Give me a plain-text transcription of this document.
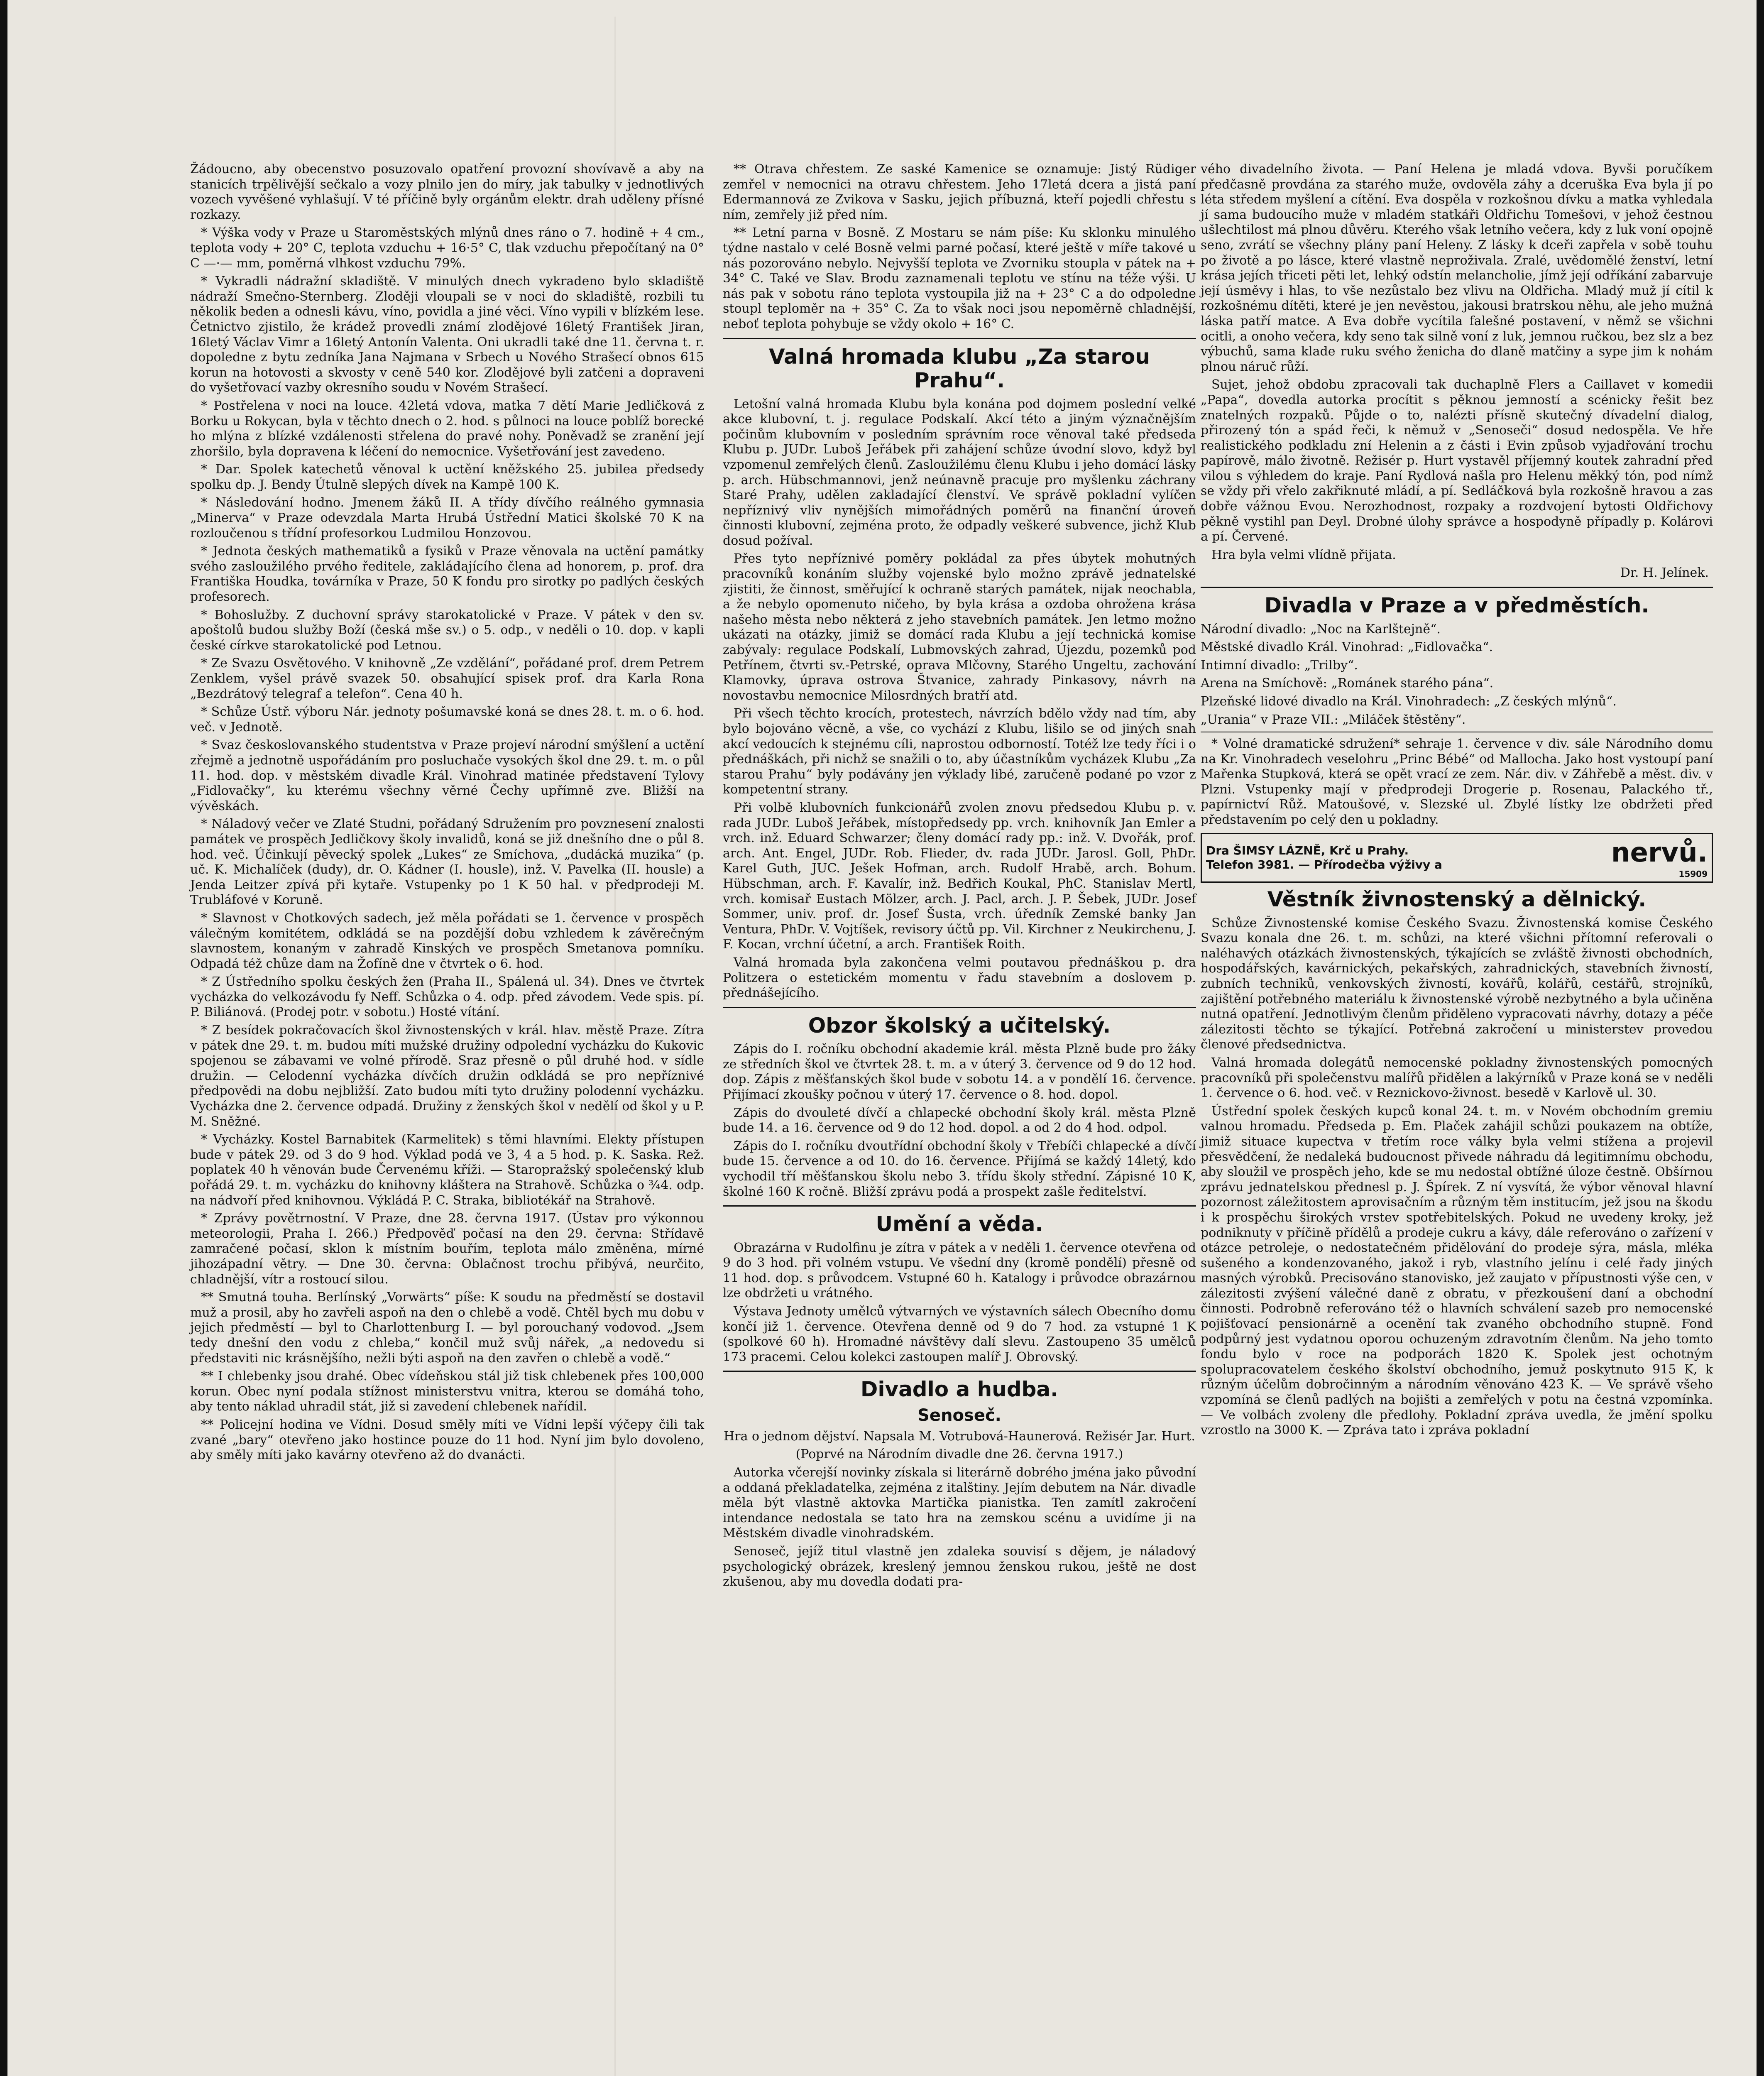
Žádoucno, aby obecenstvo posuzovalo opatření provozní shovívavě a aby na stanicích trpělivější sečkalo a vozy plnilo jen do míry, jak tabulky v jednotlivých vozech vyvěšené vyhlašují. V té příčině byly orgánům elektr. drah uděleny přísné rozkazy.

* Výška vody v Praze u Staroměstských mlýnů dnes ráno o 7. hodině + 4 cm., teplota vody + 20° C, teplota vzduchu + 16·5° C, tlak vzduchu přepočítaný na 0° C —·— mm, poměrná vlhkost vzduchu 79%.

* Vykradli nádražní skladiště. V minulých dnech vykradeno bylo skladiště nádraží Smečno-Sternberg. Zloději vloupali se v noci do skladiště, rozbili tu několik beden a odnesli kávu, víno, povidla a jiné věci. Víno vypili v blízkém lese. Četnictvo zjistilo, že krádež provedli známí zlodějové 16letý František Jiran, 16letý Václav Vimr a 16letý Antonín Valenta. Oni ukradli také dne 11. června t. r. dopoledne z bytu zedníka Jana Najmana v Srbech u Nového Strašecí obnos 615 korun na hotovosti a skvosty v ceně 540 kor. Zlodějové byli zatčeni a dopraveni do vyšetřovací vazby okresního soudu v Novém Strašecí.

* Postřelena v noci na louce. 42letá vdova, matka 7 dětí Marie Jedličková z Borku u Rokycan, byla v těchto dnech o 2. hod. s půlnoci na louce poblíž borecké ho mlýna z blízké vzdálenosti střelena do pravé nohy. Poněvadž se zranění její zhoršilo, byla dopravena k léčení do nemocnice. Vyšetřování jest zavedeno.

* Dar. Spolek katechetů věnoval k uctění kněžského 25. jubilea předsedy spolku dp. J. Bendy Útulně slepých dívek na Kampě 100 K.

* Následování hodno. Jmenem žáků II. A třídy dívčího reálného gymnasia „Minerva“ v Praze odevzdala Marta Hrubá Ústřední Matici školské 70 K na rozloučenou s třídní profesorkou Ludmilou Honzovou.

* Jednota českých mathematiků a fysiků v Praze věnovala na uctění památky svého zasloužilého prvého ředitele, zakládajícího člena ad honorem, p. prof. dra Františka Houdka, továrníka v Praze, 50 K fondu pro sirotky po padlých českých profesorech.

* Bohoslužby. Z duchovní správy starokatolické v Praze. V pátek v den sv. apoštolů budou služby Boží (česká mše sv.) o 5. odp., v neděli o 10. dop. v kapli české církve starokatolické pod Letnou.

* Ze Svazu Osvětového. V knihovně „Ze vzdělání“, pořádané prof. drem Petrem Zenklem, vyšel právě svazek 50. obsahující spisek prof. dra Karla Rona „Bezdrátový telegraf a telefon“. Cena 40 h.

* Schůze Ústř. výboru Nár. jednoty pošumavské koná se dnes 28. t. m. o 6. hod. več. v Jednotě.

* Svaz českoslovanského studentstva v Praze projeví národní smýšlení a uctění zřejmě a jednotně uspořádáním pro posluchače vysokých škol dne 29. t. m. o půl 11. hod. dop. v městském divadle Král. Vinohrad matinée představení Tylovy „Fidlovačky“, ku kterému všechny věrné Čechy upřímně zve. Bližší na vývěskách.

* Náladový večer ve Zlaté Studni, pořádaný Sdružením pro povznesení znalosti památek ve prospěch Jedličkovy školy invalidů, koná se již dnešního dne o půl 8. hod. več. Účinkují pěvecký spolek „Lukes“ ze Smíchova, „dudácká muzika“ (p. uč. K. Michalíček (dudy), dr. O. Kádner (I. housle), inž. V. Pavelka (II. housle) a Jenda Leitzer zpívá při kytaře. Vstupenky po 1 K 50 hal. v předprodeji M. Trubláfové v Koruně.

* Slavnost v Chotkových sadech, jež měla pořádati se 1. července v prospěch válečným komitétem, odkládá se na pozdější dobu vzhledem k závěrečným slavnostem, konaným v zahradě Kinských ve prospěch Smetanova pomníku. Odpadá též chůze dam na Žofíně dne v čtvrtek o 6. hod.

* Z Ústředního spolku českých žen (Praha II., Spálená ul. 34). Dnes ve čtvrtek vycházka do velkozávodu fy Neff. Schůzka o 4. odp. před závodem. Vede spis. pí. P. Biliánová. (Prodej potr. v sobotu.) Hosté vítání.

* Z besídek pokračovacích škol živnostenských v král. hlav. městě Praze. Zítra v pátek dne 29. t. m. budou míti mužské družiny odpolední vycházku do Kukovic spojenou se zábavami ve volné přírodě. Sraz přesně o půl druhé hod. v sídle družin. — Celodenní vycházka dívčích družin odkládá se pro nepříznivé předpovědi na dobu nejbližší. Zato budou míti tyto družiny polodenní vycházku. Vycházka dne 2. července odpadá. Družiny z ženských škol v nedělí od škol y u P. M. Sněžné.

* Vycházky. Kostel Barnabitek (Karmelitek) s těmi hlavními. Elekty přístupen bude v pátek 29. od 3 do 9 hod. Výklad podá ve 3, 4 a 5 hod. p. K. Saska. Rež. poplatek 40 h věnován bude Červenému kříži. — Staropražský společenský klub pořádá 29. t. m. vycházku do knihovny kláštera na Strahově. Schůzka o ¾4. odp. na nádvoří před knihovnou. Výkládá P. C. Straka, bibliotékář na Strahově.

* Zprávy povětrnostní. V Praze, dne 28. června 1917. (Ústav pro výkonnou meteorologii, Praha I. 266.) Předpověď počasí na den 29. června: Střídavě zamračené počasí, sklon k místním bouřím, teplota málo změněna, mírné jihozápadní větry. — Dne 30. června: Oblačnost trochu přibývá, neurčito, chladnější, vítr a rostoucí silou.

** Smutná touha. Berlínský „Vorwärts“ píše: K soudu na předměstí se dostavil muž a prosil, aby ho zavřeli aspoň na den o chlebě a vodě. Chtěl bych mu dobu v jejich předměstí — byl to Charlottenburg I. — byl porouchaný vodovod. „Jsem tedy dnešní den vodu z chleba,“ končil muž svůj nářek, „a nedovedu si představiti nic krásnějšího, nežli býti aspoň na den zavřen o chlebě a vodě.“

** I chlebenky jsou drahé. Obec vídeňskou stál již tisk chlebenek přes 100,000 korun. Obec nyní podala stížnost ministerstvu vnitra, kterou se domáhá toho, aby tento náklad uhradil stát, již si zavedení chlebenek nařídil.

** Policejní hodina ve Vídni. Dosud směly míti ve Vídni lepší výčepy čili tak zvané „bary“ otevřeno jako hostince pouze do 11 hod. Nyní jim bylo dovoleno, aby směly míti jako kavárny otevřeno až do dvanácti.

** Otrava chřestem. Ze saské Kamenice se oznamuje: Jistý Rüdiger zemřel v nemocnici na otravu chřestem. Jeho 17letá dcera a jistá paní Edermannová ze Zvikova v Sasku, jejich příbuzná, kteří pojedli chřestu s ním, zemřely již před ním.

** Letní parna v Bosně. Z Mostaru se nám píše: Ku sklonku minulého týdne nastalo v celé Bosně velmi parné počasí, které ještě v míře takové u nás pozorováno nebylo. Nejvyšší teplota ve Zvorniku stoupla v pátek na + 34° C. Také ve Slav. Brodu zaznamenali teplotu ve stínu na téže výši. U nás pak v sobotu ráno teplota vystoupila již na + 23° C a do odpoledne stoupl teploměr na + 35° C. Za to však noci jsou nepoměrně chladnější, neboť teplota pohybuje se vždy okolo + 16° C.

Valná hromada klubu „Za starou Prahu“.

Letošní valná hromada Klubu byla konána pod dojmem poslední velké akce klubovní, t. j. regulace Podskalí. Akcí této a jiným význačnějším počinům klubovním v posledním správním roce věnoval také předseda Klubu p. JUDr. Luboš Jeřábek při zahájení schůze úvodní slovo, když byl vzpomenul zemřelých členů. Zasloužilému členu Klubu i jeho domácí lásky p. arch. Hübschmannovi, jenž neúnavně pracuje pro myšlenku záchrany Staré Prahy, udělen zakladající členství. Ve správě pokladní vylíčen nepříznivý vliv nynějších mimořádných poměrů na finanční úroveň činnosti klubovní, zejména proto, že odpadly veškeré subvence, jichž Klub dosud požíval.

Přes tyto nepříznivé poměry pokládal za přes úbytek mohutných pracovníků konáním služby vojenské bylo možno zprávě jednatelské zjistiti, že činnost, směřující k ochraně starých památek, nijak neochabla, a že nebylo opomenuto ničeho, by byla krása a ozdoba ohrožena krása našeho města nebo některá z jeho stavebních památek. Jen letmo možno ukázati na otázky, jimiž se domácí rada Klubu a její technická komise zabývaly: regulace Podskalí, Lubmovských zahrad, Újezdu, pozemků pod Petřínem, čtvrti sv.-Petrské, oprava Mlčovny, Starého Ungeltu, zachování Klamovky, úprava ostrova Štvanice, zahrady Pinkasovy, návrh na novostavbu nemocnice Milosrdných bratří atd.

Při všech těchto krocích, protestech, návrzích bdělo vždy nad tím, aby bylo bojováno věcně, a vše, co vychází z Klubu, lišilo se od jiných snah akcí vedoucích k stejnému cíli, naprostou odborností. Totéž lze tedy říci i o přednáškách, při nichž se snažili o to, aby účastníkům vycházek Klubu „Za starou Prahu“ byly podávány jen výklady libé, zaručeně podané po vzor z kompetentní strany.

Při volbě klubovních funkcionářů zvolen znovu předsedou Klubu p. v. rada JUDr. Luboš Jeřábek, místopředsedy pp. vrch. knihovník Jan Emler a vrch. inž. Eduard Schwarzer; členy domácí rady pp.: inž. V. Dvořák, prof. arch. Ant. Engel, JUDr. Rob. Flieder, dv. rada JUDr. Jarosl. Goll, PhDr. Karel Guth, JUC. Ješek Hofman, arch. Rudolf Hrabě, arch. Bohum. Hübschman, arch. F. Kavalír, inž. Bedřich Koukal, PhC. Stanislav Mertl, vrch. komisař Eustach Mölzer, arch. J. Pacl, arch. J. P. Šebek, JUDr. Josef Sommer, univ. prof. dr. Josef Šusta, vrch. úředník Zemské banky Jan Ventura, PhDr. V. Vojtíšek, revisory účtů pp. Vil. Kirchner z Neukirchenu, J. F. Kocan, vrchní účetní, a arch. František Roith.

Valná hromada byla zakončena velmi poutavou přednáškou p. dra Politzera o estetickém momentu v řadu stavebním a doslovem p. přednášejícího.

Obzor školský a učitelský.

Zápis do I. ročníku obchodní akademie král. města Plzně bude pro žáky ze středních škol ve čtvrtek 28. t. m. a v úterý 3. července od 9 do 12 hod. dop. Zápis z měšťanských škol bude v sobotu 14. a v pondělí 16. července. Přijímací zkoušky počnou v úterý 17. července o 8. hod. dopol.

Zápis do dvouleté dívčí a chlapecké obchodní školy král. města Plzně bude 14. a 16. července od 9 do 12 hod. dopol. a od 2 do 4 hod. odpol.

Zápis do I. ročníku dvoutřídní obchodní školy v Třebíči chlapecké a dívčí bude 15. července a od 10. do 16. července. Přijímá se každý 14letý, kdo vychodil tří měšťanskou školu nebo 3. třídu školy střední. Zápisné 10 K, školné 160 K ročně. Bližší zprávu podá a prospekt zašle ředitelství.

Umění a věda.

Obrazárna v Rudolfinu je zítra v pátek a v neděli 1. července otevřena od 9 do 3 hod. při volném vstupu. Ve všední dny (kromě pondělí) přesně od 11 hod. dop. s průvodcem. Vstupné 60 h. Katalogy i průvodce obrazárnou lze obdržeti u vrátného.

Výstava Jednoty umělců výtvarných ve výstavních sálech Obecního domu končí již 1. července. Otevřena denně od 9 do 7 hod. za vstupné 1 K (spolkové 60 h). Hromadné návštěvy dalí slevu. Zastoupeno 35 umělců 173 pracemi. Celou kolekci zastoupen malíř J. Obrovský.

Divadlo a hudba.
Senoseč.

Hra o jednom dějství. Napsala M. Votrubová-Haunerová. Režisér Jar. Hurt.

(Poprvé na Národním divadle dne 26. června 1917.)

Autorka včerejší novinky získala si literárně dobrého jména jako původní a oddaná překladatelka, zejména z italštiny. Jejím debutem na Nár. divadle měla být vlastně aktovka Martička pianistka. Ten zamítl zakročení intendance nedostala se tato hra na zemskou scénu a uvidíme ji na Městském divadle vinohradském.

Senoseč, jejíž titul vlastně jen zdaleka souvisí s dějem, je náladový psychologický obrázek, kreslený jemnou ženskou rukou, ještě ne dost zkušenou, aby mu dovedla dodati pra-

vého divadelního života. — Paní Helena je mladá vdova. Byvši poručíkem předčasně provdána za starého muže, ovdověla záhy a dceruška Eva byla jí po léta středem myšlení a cítění. Eva dospěla v rozkošnou dívku a matka vyhledala jí sama budoucího muže v mladém statkáři Oldřichu Tomešovi, v jehož čestnou ušlechtilost má plnou důvěru. Kterého však letního večera, kdy z luk voní opojně seno, zvrátí se všechny plány paní Heleny. Z lásky k dceři zapřela v sobě touhu po životě a po lásce, které vlastně neproživala. Zralé, uvědomělé ženství, letní krása jejích třiceti pěti let, lehký odstín melancholie, jímž její odříkání zabarvuje její úsměvy i hlas, to vše nezůstalo bez vlivu na Oldřicha. Mladý muž jí cítil k rozkošnému dítěti, které je jen nevěstou, jakousi bratrskou něhu, ale jeho mužná láska patří matce. A Eva dobře vycítila falešné postavení, v němž se všichni ocitli, a onoho večera, kdy seno tak silně voní z luk, jemnou ručkou, bez slz a bez výbuchů, sama klade ruku svého ženicha do dlaně matčiny a sype jim k nohám plnou náruč růží.

Sujet, jehož obdobu zpracovali tak duchaplně Flers a Caillavet v komedii „Papa“, dovedla autorka procítit s pěknou jemností a scénicky řešit bez znatelných rozpaků. Půjde o to, nalézti přísně skutečný dívadelní dialog, přirozený tón a spád řeči, k němuž v „Senoseči“ dosud nedospěla. Ve hře realistického podkladu zní Helenin a z části i Evin způsob vyjadřování trochu papírově, málo životně. Režisér p. Hurt vystavěl příjemný koutek zahradní před vilou s výhledem do kraje. Paní Rydlová našla pro Helenu měkký tón, pod nímž se vždy při vřelo zakřiknuté mládí, a pí. Sedláčková byla rozkošně hravou a zas dobře vážnou Evou. Nerozhodnost, rozpaky a rozdvojení bytosti Oldřichovy pěkně vystihl pan Deyl. Drobné úlohy správce a hospodyně případly p. Kolárovi a pí. Červené.

Hra byla velmi vlídně přijata.

Dr. H. Jelínek.
Divadla v Praze a v předměstích.

Národní divadlo: „Noc na Karlštejně“.

Městské divadlo Král. Vinohrad: „Fidlovačka“.

Intimní divadlo: „Trilby“.

Arena na Smíchově: „Románek starého pána“.

Plzeňské lidové divadlo na Král. Vinohradech: „Z českých mlýnů“.

„Urania“ v Praze VII.: „Miláček štěstěny“.

* Volné dramatické sdružení* sehraje 1. července v div. sále Národního domu na Kr. Vinohradech veselohru „Princ Bébé“ od Mallocha. Jako host vystoupí paní Mařenka Stupková, která se opět vrací ze zem. Nár. div. v Záhřebě a měst. div. v Plzni. Vstupenky mají v předprodeji Drogerie p. Rosenau, Palackého tř., papírnictví Růž. Matoušové, v. Slezské ul. Zbylé lístky lze obdržeti před představením po celý den u pokladny.

Dra ŠIMSY LÁZNĚ, Krč u Prahy.
Telefon 3981. — Přírodečba výživy a	nervů.
15909
Věstník živnostenský a dělnický.

Schůze Živnostenské komise Českého Svazu. Živnostenská komise Českého Svazu konala dne 26. t. m. schůzi, na které všichni přítomní referovali o naléhavých otázkách živnostenských, týkajících se zvláště živnosti obchodních, hospodářských, kavárnických, pekařských, zahradnických, stavebních živností, zubních techniků, venkovských živností, kovářů, kolářů, cestářů, strojníků, zajištění potřebného materiálu k živnostenské výrobě nezbytného a byla učiněna nutná opatření. Jednotlivým členům přiděleno vypracovati návrhy, dotazy a péče zálezitosti těchto se týkající. Potřebná zakročení u ministerstev provedou členové předsednictva.

Valná hromada dolegátů nemocenské pokladny živnostenských pomocných pracovníků při společenstvu malířů přidělen a lakýrníků v Praze koná se v neděli 1. července o 6. hod. več. v Reznickovo-živnost. besedě v Karlově ul. 30.

Ústřední spolek českých kupců konal 24. t. m. v Novém obchodním gremiu valnou hromadu. Předseda p. Em. Plaček zahájil schůzi poukazem na obtíže, jimiž situace kupectva v třetím roce války byla velmi stížena a projevil přesvědčení, že nedaleká budoucnost přivede náhradu dá legitimnímu obchodu, aby sloužil ve prospěch jeho, kde se mu nedostal obtížné úloze čestně. Obšírnou zprávu jednatelskou přednesl p. J. Špírek. Z ní vysvítá, že výbor věnoval hlavní pozornost záležitostem aprovisačním a různým těm institucím, jež jsou na škodu i k prospěchu širokých vrstev spotřebitelských. Pokud ne uvedeny kroky, jež podniknuty v příčině přídělů a prodeje cukru a kávy, dále referováno o zařízení v otázce petroleje, o nedostatečném přidělování do prodeje sýra, másla, mléka sušeného a kondenzovaného, jakož i ryb, vlastního jelínu i celé řady jiných masných výrobků. Precisováno stanovisko, jež zaujato v přípustnosti výše cen, v zálezitosti zvýšení válečné daně z obratu, v přezkoušení daní a obchodní činnosti. Podrobně referováno též o hlavních schválení sazeb pro nemocenské pojišťovací pensionárně a ocenění tak zvaného obchodního stupně. Fond podpůrný jest vydatnou oporou ochuzeným zdravotním členům. Na jeho tomto fondu bylo v roce na podporách 1820 K. Spolek jest ochotným spolupracovatelem českého školství obchodního, jemuž poskytnuto 915 K, k různým účelům dobročinným a národním věnováno 423 K. — Ve správě všeho vzpomíná se členů padlých na bojišti a zemřelých v potu na čestná vzpomínka. — Ve volbách zvoleny dle předlohy. Pokladní zpráva uvedla, že jmění spolku vzrostlo na 3000 K. — Zpráva tato i zpráva pokladní
